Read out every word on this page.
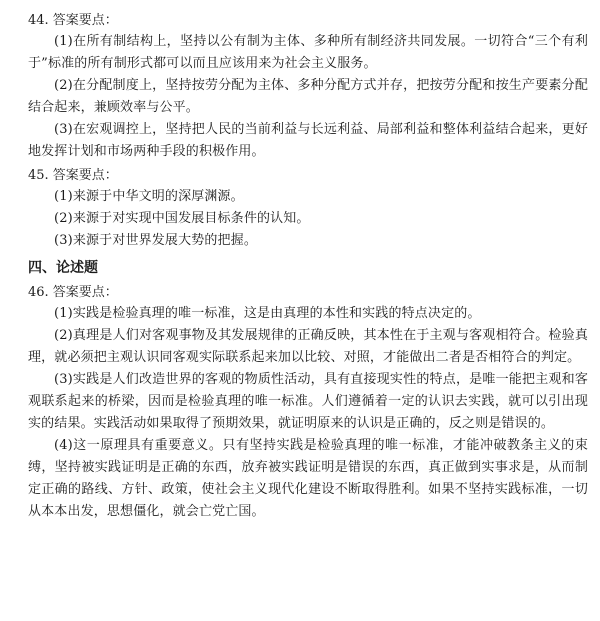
44. 答案要点：
(1)在所有制结构上，坚持以公有制为主体、多种所有制经济共同发展。一切符合“三个有利于”标准的所有制形式都可以而且应该用来为社会主义服务。
(2)在分配制度上，坚持按劳分配为主体、多种分配方式并存，把按劳分配和按生产要素分配结合起来，兼顾效率与公平。
(3)在宏观调控上，坚持把人民的当前利益与长远利益、局部利益和整体利益结合起来，更好地发挥计划和市场两种手段的积极作用。
45. 答案要点：
(1)来源于中华文明的深厚渊源。
(2)来源于对实现中国发展目标条件的认知。
(3)来源于对世界发展大势的把握。
四、论述题
46. 答案要点：
(1)实践是检验真理的唯一标准，这是由真理的本性和实践的特点决定的。
(2)真理是人们对客观事物及其发展规律的正确反映，其本性在于主观与客观相符合。检验真理，就必须把主观认识同客观实际联系起来加以比较、对照，才能做出二者是否相符合的判定。
(3)实践是人们改造世界的客观的物质性活动，具有直接现实性的特点，是唯一能把主观和客观联系起来的桥梁，因而是检验真理的唯一标准。人们遵循着一定的认识去实践，就可以引出现实的结果。实践活动如果取得了预期效果，就证明原来的认识是正确的，反之则是错误的。
(4)这一原理具有重要意义。只有坚持实践是检验真理的唯一标准，才能冲破教条主义的束缚，坚持被实践证明是正确的东西，放弃被实践证明是错误的东西，真正做到实事求是，从而制定正确的路线、方针、政策，使社会主义现代化建设不断取得胜利。如果不坚持实践标准，一切从本本出发，思想僵化，就会亡党亡国。
